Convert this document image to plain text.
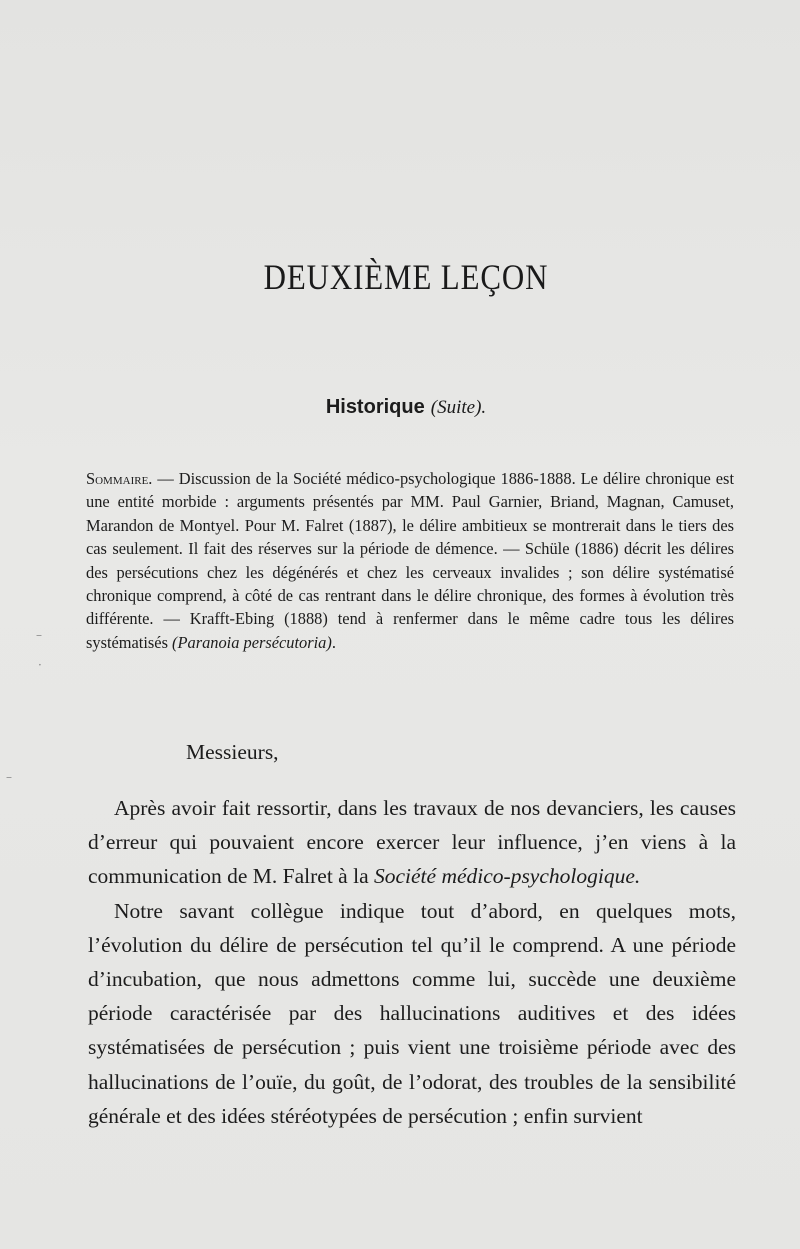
DEUXIÈME LEÇON
Historique (Suite).
Sommaire. — Discussion de la Société médico-psychologique 1886-1888. Le délire chronique est une entité morbide : arguments présentés par MM. Paul Garnier, Briand, Magnan, Camuset, Marandon de Montyel. Pour M. Falret (1887), le délire ambitieux se montrerait dans le tiers des cas seulement. Il fait des réserves sur la période de démence. — Schüle (1886) décrit les délires des persécutions chez les dégénérés et chez les cerveaux invalides ; son délire systématisé chronique comprend, à côté de cas rentrant dans le délire chronique, des formes à évolution très différente. — Krafft-Ebing (1888) tend à renfermer dans le même cadre tous les délires systématisés (Paranoia persécutoria).
Messieurs,

Après avoir fait ressortir, dans les travaux de nos devanciers, les causes d’erreur qui pouvaient encore exercer leur influence, j’en viens à la communication de M. Falret à la Société médico-psychologique.

Notre savant collègue indique tout d’abord, en quelques mots, l’évolution du délire de persécution tel qu’il le comprend. A une période d’incubation, que nous admettons comme lui, succède une deuxième période caractérisée par des hallucinations auditives et des idées systématisées de persécution ; puis vient une troisième période avec des hallucinations de l’ouïe, du goût, de l’odorat, des troubles de la sensibilité générale et des idées stéréotypées de persécution ; enfin survient

–
·
–
